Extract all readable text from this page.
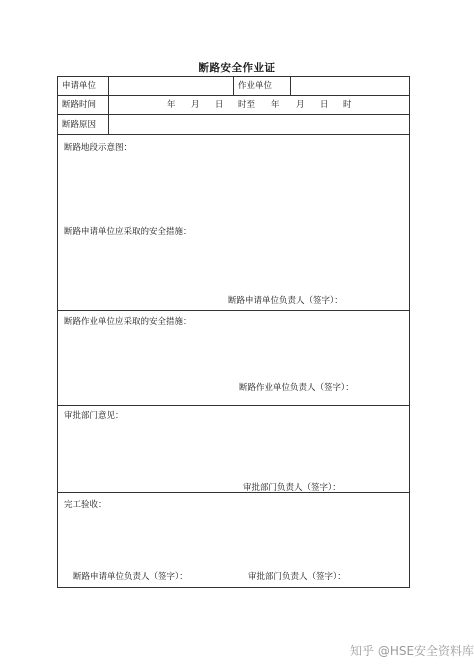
断路安全作业证
申请单位	作业单位
断路时间	年 月 日 时至 年 月 日 时
断路原因
断路地段示意图：
断路申请单位应采取的安全措施：
断路申请单位负责人（签字）：
断路作业单位应采取的安全措施：
断路作业单位负责人（签字）：
审批部门意见：
审批部门负责人（签字）：
完工验收：
断路申请单位负责人（签字）：	审批部门负责人（签字）：
知乎 @HSE安全资料库
